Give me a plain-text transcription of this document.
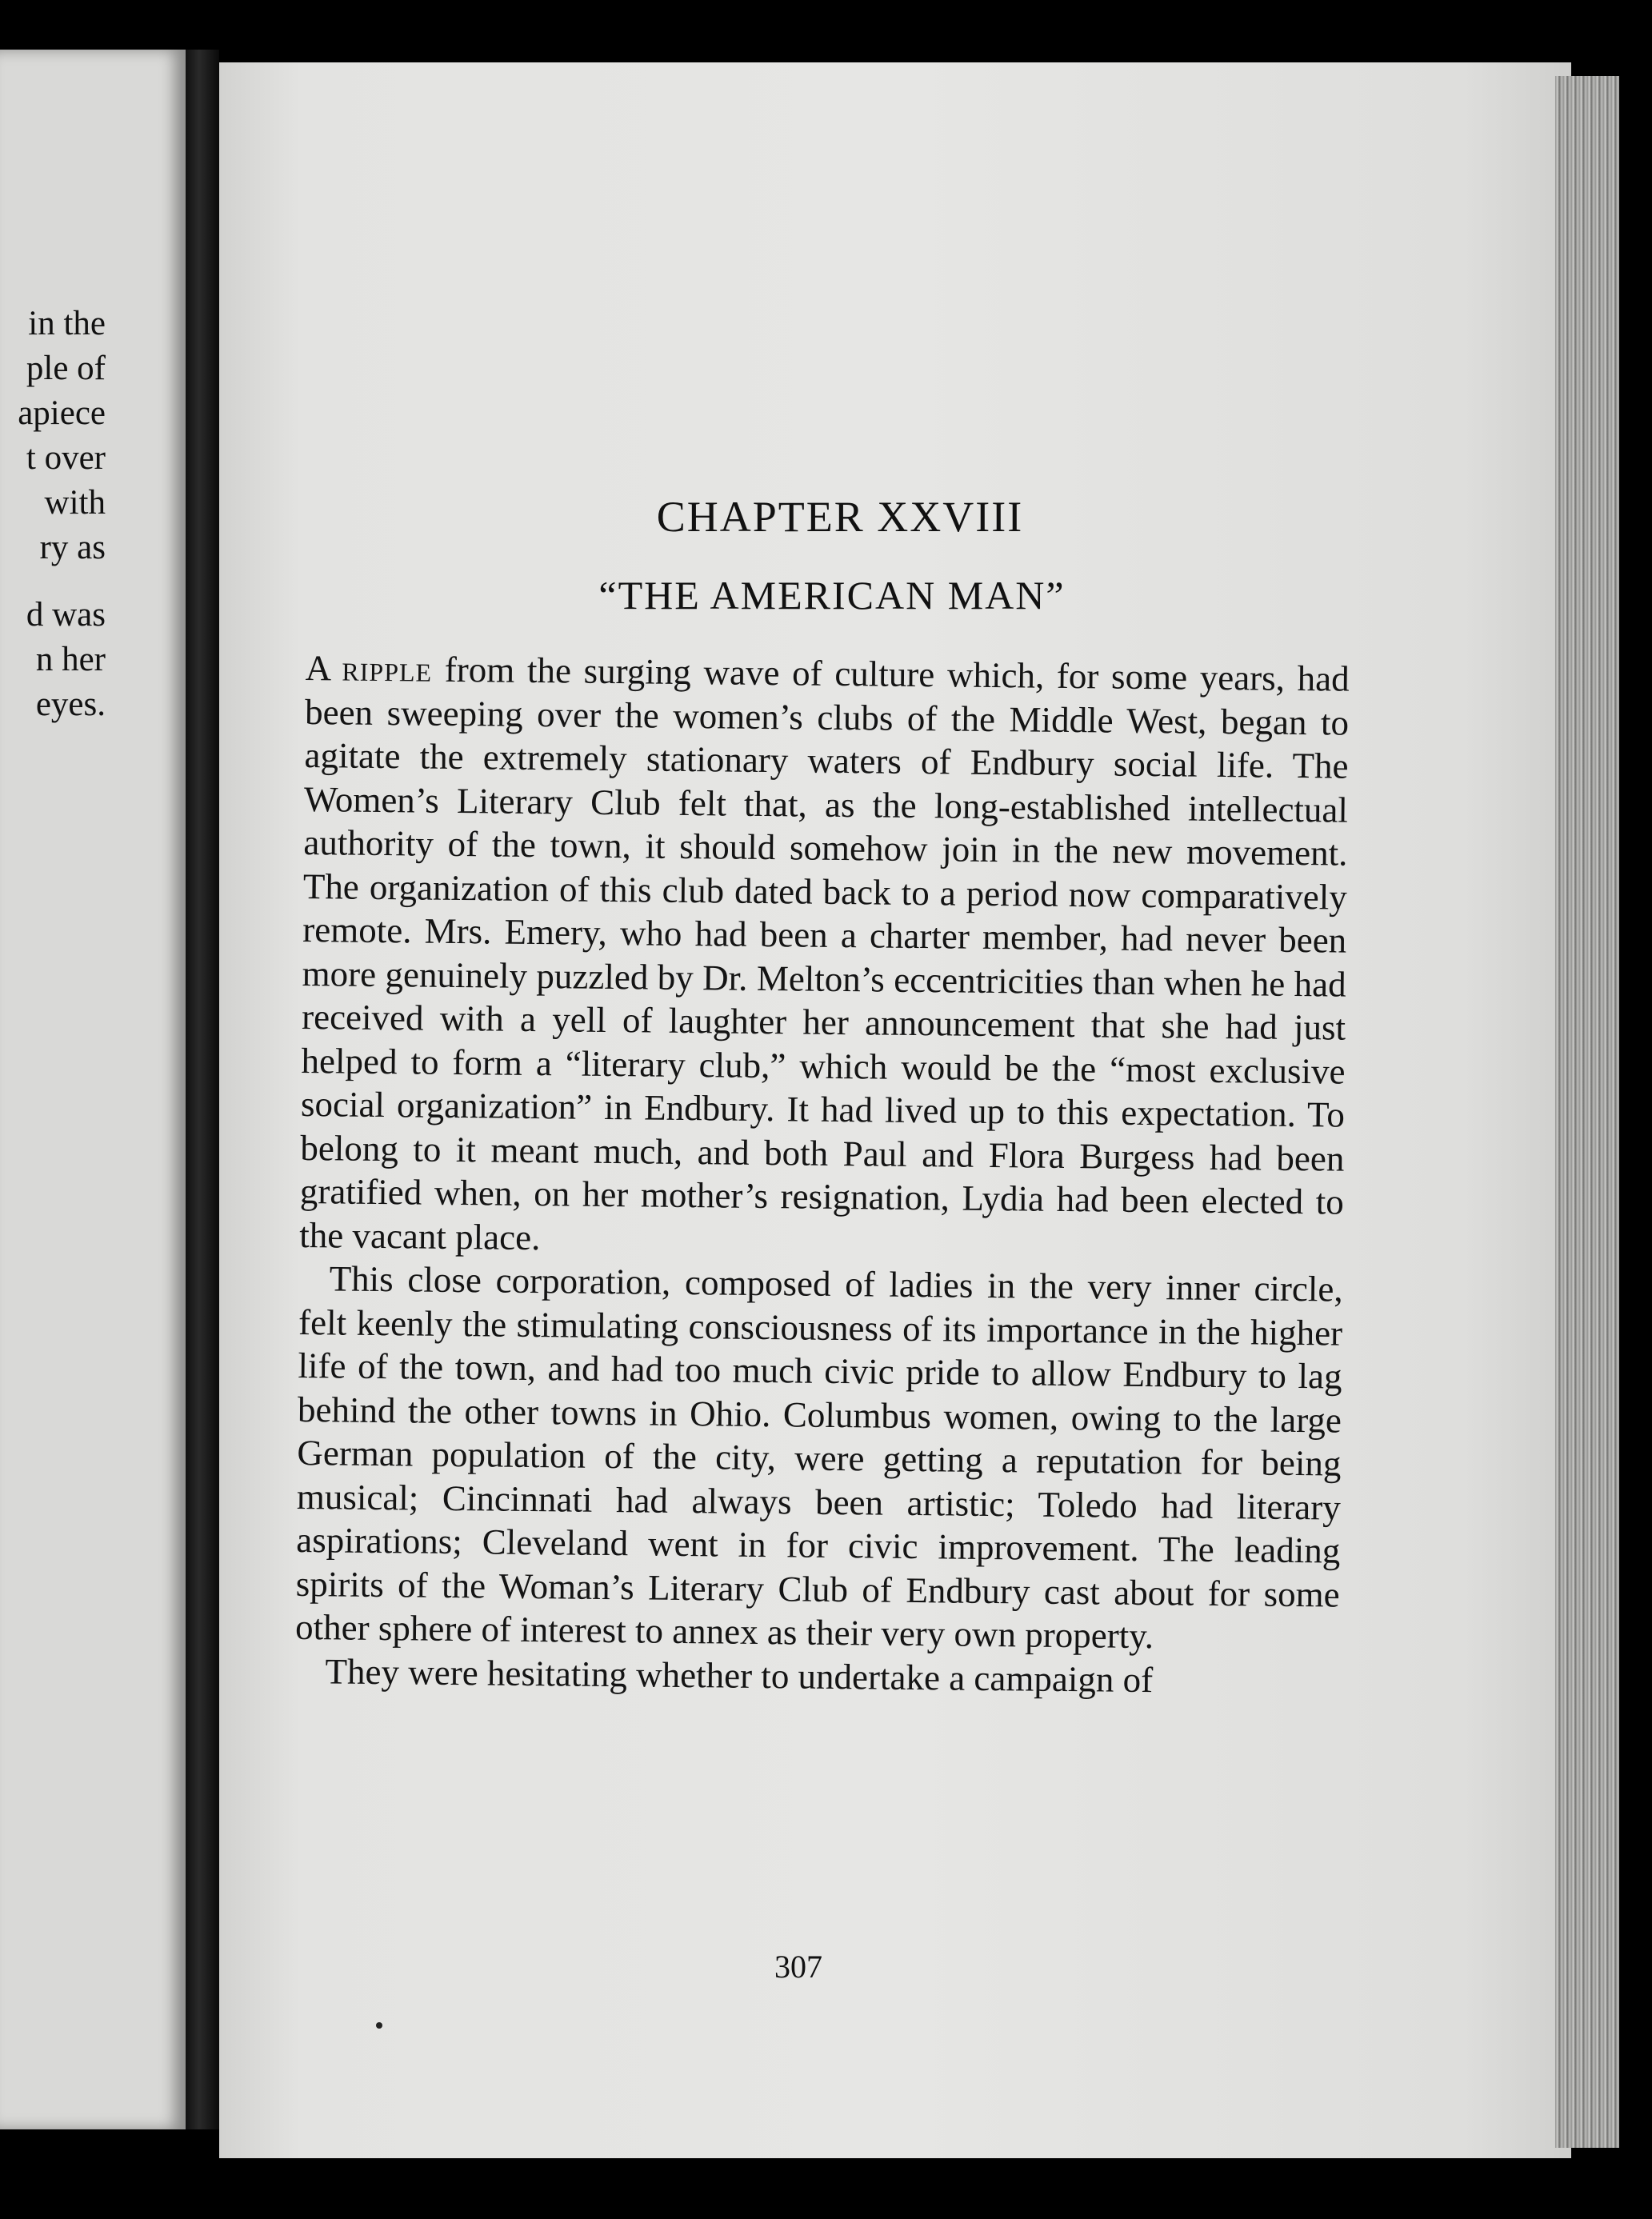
in the
ple of
apiece
t over
with
ry as
d was
n her
eyes.
CHAPTER XXVIII
“THE AMERICAN MAN”

A ripple from the surging wave of culture which, for some years, had been sweeping over the women’s clubs of the Middle West, began to agitate the extremely stationary waters of Endbury social life. The Women’s Literary Club felt that, as the long-established intellectual authority of the town, it should somehow join in the new movement. The organization of this club dated back to a period now comparatively remote. Mrs. Emery, who had been a charter member, had never been more genuinely puzzled by Dr. Melton’s eccentricities than when he had received with a yell of laughter her announcement that she had just helped to form a “literary club,” which would be the “most exclusive social organization” in Endbury. It had lived up to this expectation. To belong to it meant much, and both Paul and Flora Burgess had been gratified when, on her mother’s resignation, Lydia had been elected to the vacant place.

This close corporation, composed of ladies in the very inner circle, felt keenly the stimulating consciousness of its importance in the higher life of the town, and had too much civic pride to allow Endbury to lag behind the other towns in Ohio. Columbus women, owing to the large German population of the city, were getting a reputation for being musical; Cincinnati had always been artistic; Toledo had literary aspirations; Cleveland went in for civic improvement. The leading spirits of the Woman’s Literary Club of Endbury cast about for some other sphere of interest to annex as their very own property.

They were hesitating whether to undertake a campaign of

307
